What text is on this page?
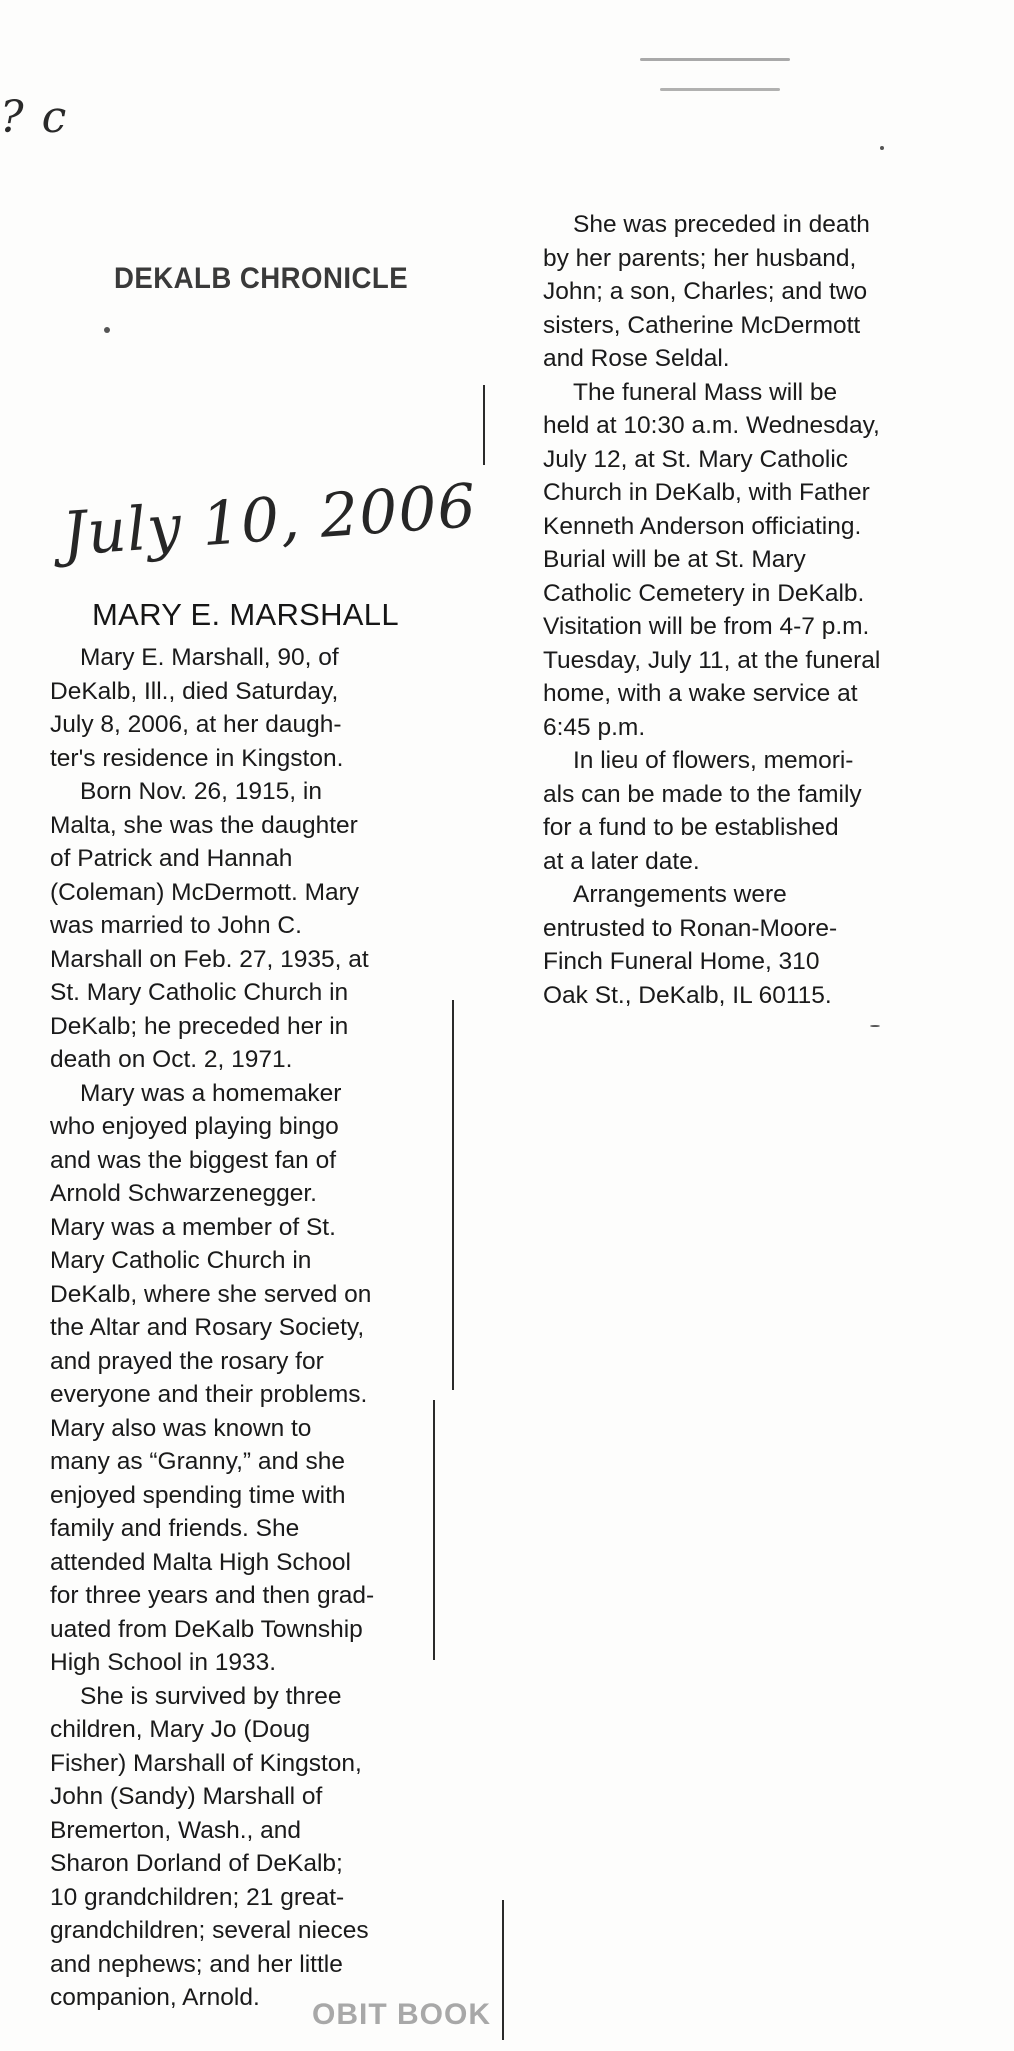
? c
DEKALB CHRONICLE
July 10, 2006
MARY E. MARSHALL

Mary E. Marshall, 90, of
DeKalb, Ill., died Saturday,
July 8, 2006, at her daugh-
ter's residence in Kingston.

Born Nov. 26, 1915, in
Malta, she was the daughter
of Patrick and Hannah
(Coleman) McDermott. Mary
was married to John C.
Marshall on Feb. 27, 1935, at
St. Mary Catholic Church in
DeKalb; he preceded her in
death on Oct. 2, 1971.

Mary was a homemaker
who enjoyed playing bingo
and was the biggest fan of
Arnold Schwarzenegger.
Mary was a member of St.
Mary Catholic Church in
DeKalb, where she served on
the Altar and Rosary Society,
and prayed the rosary for
everyone and their problems.
Mary also was known to
many as “Granny,” and she
enjoyed spending time with
family and friends. She
attended Malta High School
for three years and then grad-
uated from DeKalb Township
High School in 1933.

She is survived by three
children, Mary Jo (Doug
Fisher) Marshall of Kingston,
John (Sandy) Marshall of
Bremerton, Wash., and
Sharon Dorland of DeKalb;
10 grandchildren; 21 great-
grandchildren; several nieces
and nephews; and her little
companion, Arnold.

She was preceded in death
by her parents; her husband,
John; a son, Charles; and two
sisters, Catherine McDermott
and Rose Seldal.

The funeral Mass will be
held at 10:30 a.m. Wednesday,
July 12, at St. Mary Catholic
Church in DeKalb, with Father
Kenneth Anderson officiating.
Burial will be at St. Mary
Catholic Cemetery in DeKalb.
Visitation will be from 4-7 p.m.
Tuesday, July 11, at the funeral
home, with a wake service at
6:45 p.m.

In lieu of flowers, memori-
als can be made to the family
for a fund to be established
at a later date.

Arrangements were
entrusted to Ronan-Moore-
Finch Funeral Home, 310
Oak St., DeKalb, IL 60115.

OBIT BOOK
